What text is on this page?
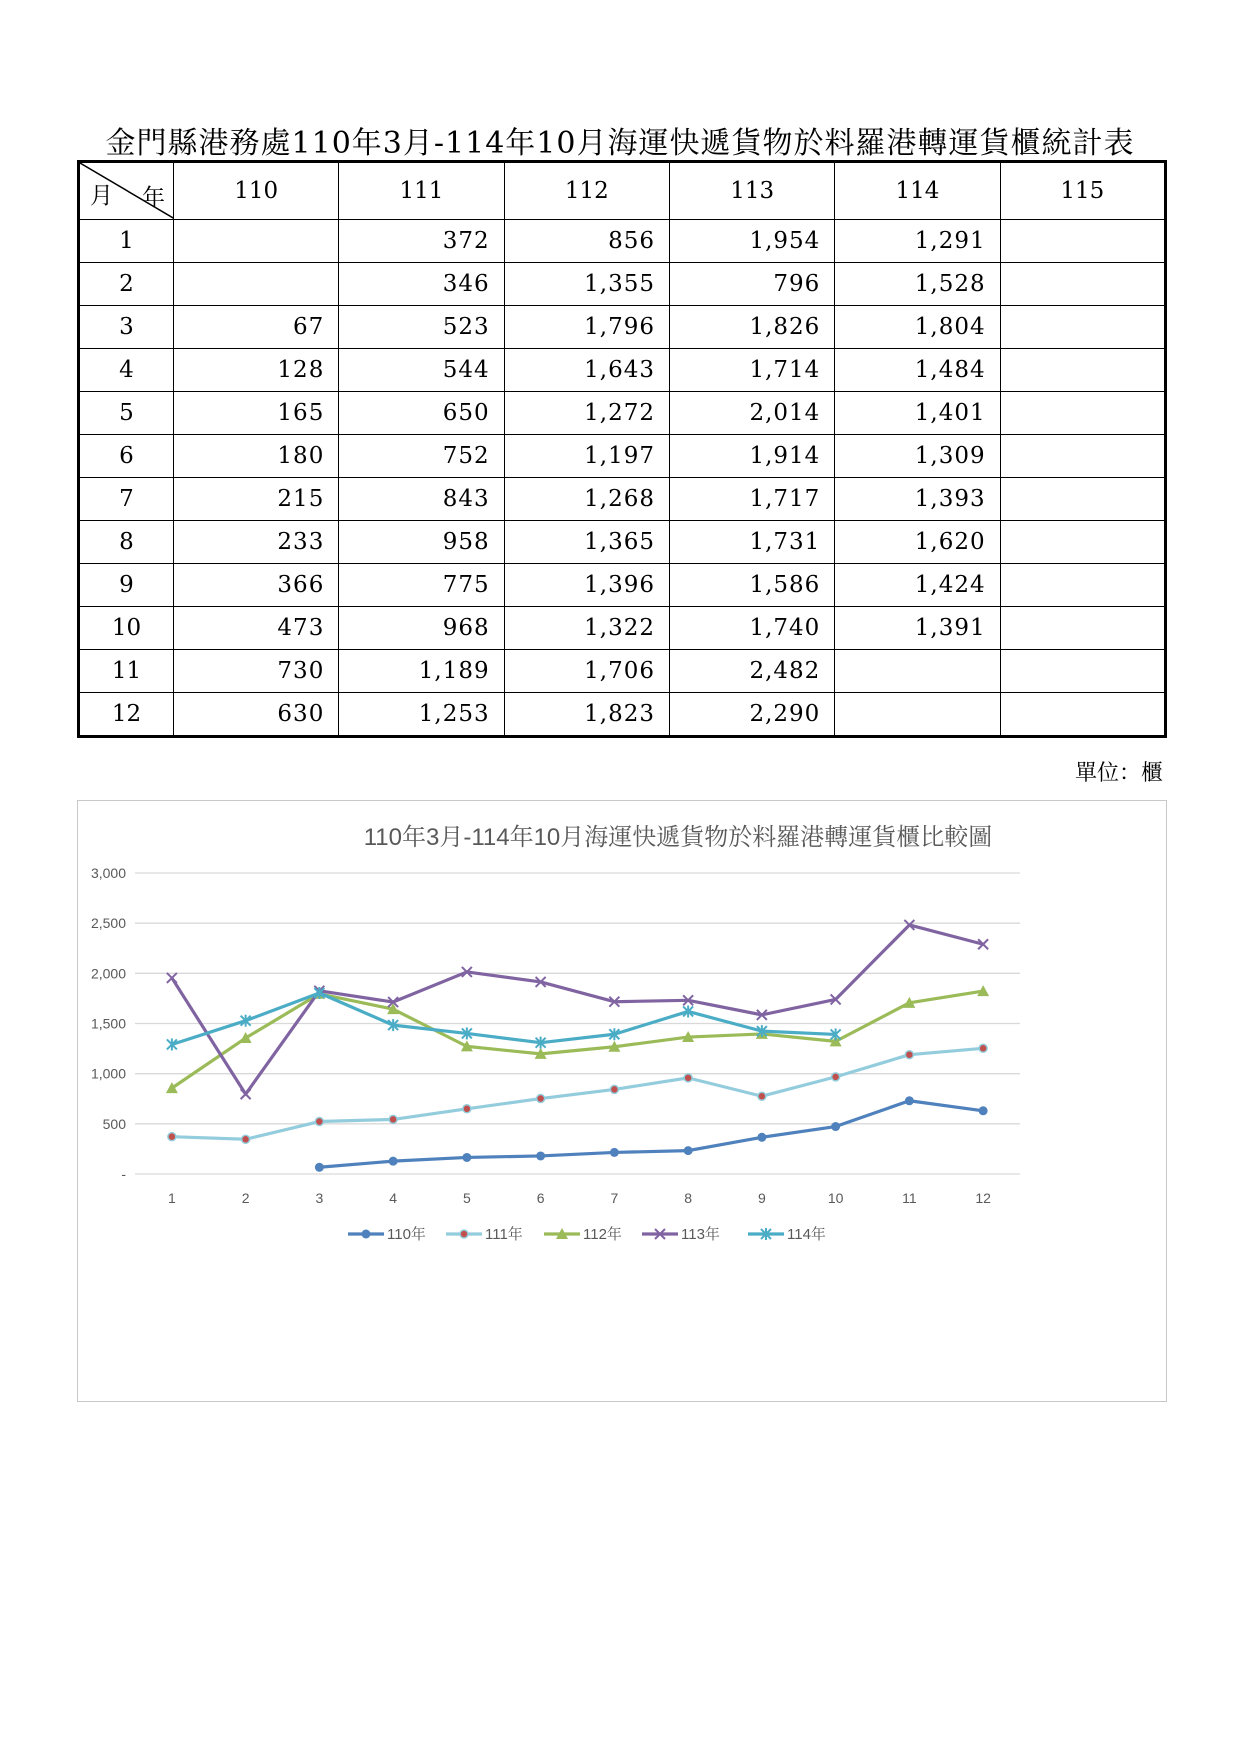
金門縣港務處110年3月-114年10月海運快遞貨物於料羅港轉運貨櫃統計表
月 年	110	111	112	113	114	115
1		372	856	1,954	1,291	
2		346	1,355	796	1,528	
3	67	523	1,796	1,826	1,804	
4	128	544	1,643	1,714	1,484	
5	165	650	1,272	2,014	1,401	
6	180	752	1,197	1,914	1,309	
7	215	843	1,268	1,717	1,393	
8	233	958	1,365	1,731	1,620	
9	366	775	1,396	1,586	1,424	
10	473	968	1,322	1,740	1,391	
11	730	1,189	1,706	2,482		
12	630	1,253	1,823	2,290		
單位：櫃
110年3月-114年10月海運快遞貨物於料羅港轉運貨櫃比較圖
-
500
1,000
1,500
2,000
2,500
3,000
1	2	3	4	5	6	7	8	9	10	11	12
110年	111年	112年	113年	114年
